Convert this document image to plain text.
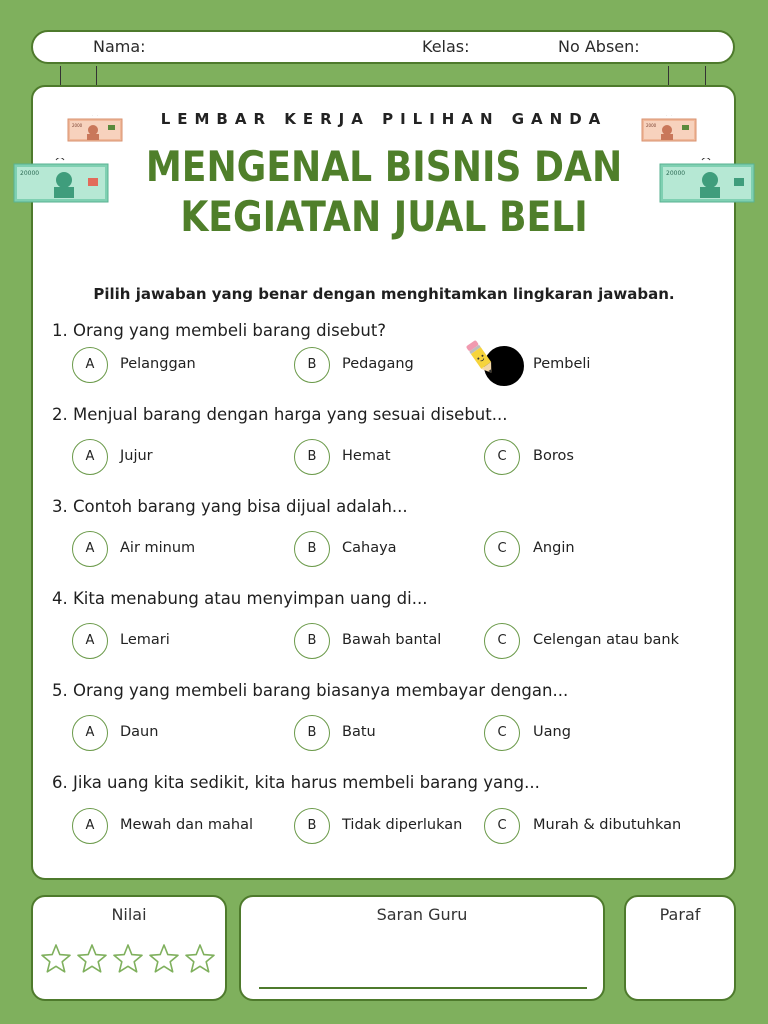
Nama:	Kelas:	No Absen:
2000	2000
20000	20000
LEMBAR KERJA PILIHAN GANDA
MENGENAL BISNIS DAN
KEGIATAN JUAL BELI
Pilih jawaban yang benar dengan menghitamkan lingkaran jawaban.
1. Orang yang membeli barang disebut?
A	Pelanggan	B	Pedagang	Pembeli
2. Menjual barang dengan harga yang sesuai disebut...
A	Jujur	B	Hemat	C	Boros
3. Contoh barang yang bisa dijual adalah...
A	Air minum	B	Cahaya	C	Angin
4. Kita menabung atau menyimpan uang di...
A	Lemari	B	Bawah bantal	C	Celengan atau bank
5. Orang yang membeli barang biasanya membayar dengan...
A	Daun	B	Batu	C	Uang
6. Jika uang kita sedikit, kita harus membeli barang yang...
A	Mewah dan mahal	B	Tidak diperlukan	C	Murah & dibutuhkan
Nilai	Saran Guru	Paraf
